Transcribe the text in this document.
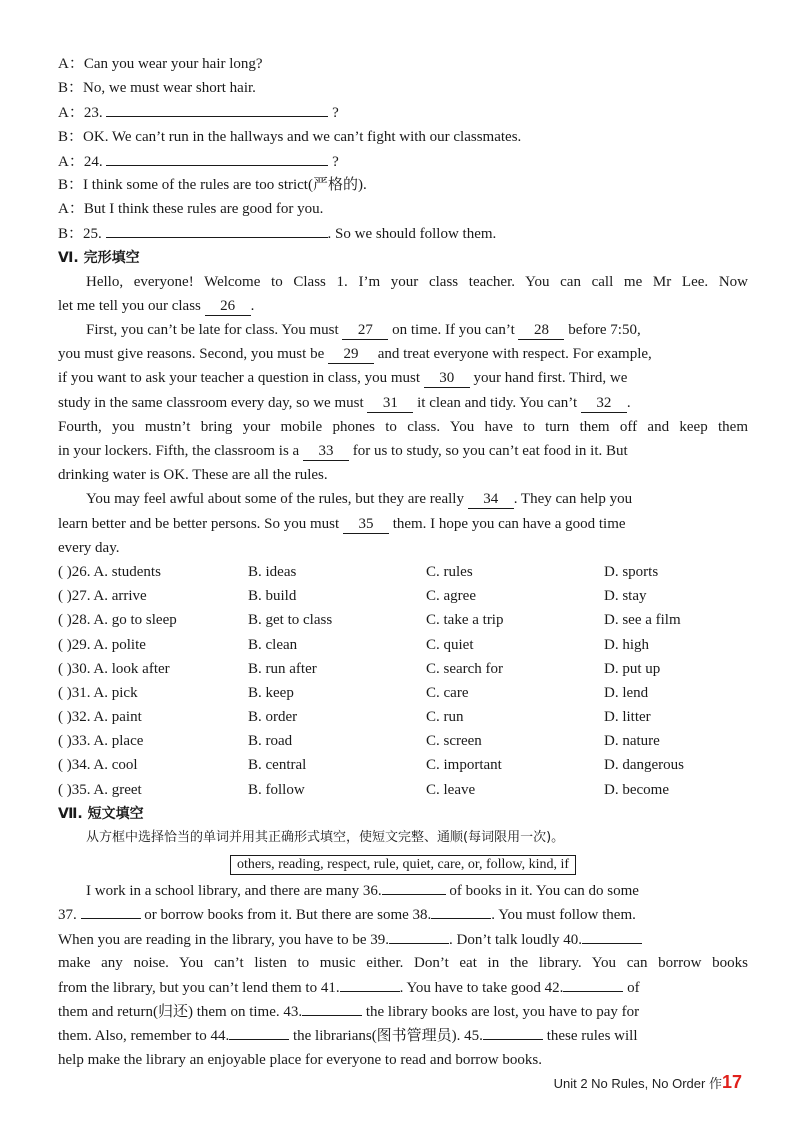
A：Can you wear your hair long?
B：No, we must wear short hair.
A：23.	?
B：OK. We can’t run in the hallways and we can’t fight with our classmates.
A：24.	?
B：I think some of the rules are too strict(严格的).
A：But I think these rules are good for you.
B：25.	. So we should follow them.
Ⅵ. 完形填空
Hello, everyone! Welcome to Class 1. I’m your class teacher. You can call me Mr Lee. Now
let me tell you our class 26 .
First, you can’t be late for class. You must 27 on time. If you can’t 28 before 7:50,
you must give reasons. Second, you must be 29 and treat everyone with respect. For example,
if you want to ask your teacher a question in class, you must 30 your hand first. Third, we
study in the same classroom every day, so we must 31 it clean and tidy. You can’t 32 .
Fourth, you mustn’t bring your mobile phones to class. You have to turn them off and keep them
in your lockers. Fifth, the classroom is a 33 for us to study, so you can’t eat food in it. But
drinking water is OK. These are all the rules.
You may feel awful about some of the rules, but they are really 34 . They can help you
learn better and be better persons. So you must 35 them. I hope you can have a good time
every day.
( )26. A. students	B. ideas	C. rules	D. sports
( )27. A. arrive	B. build	C. agree	D. stay
( )28. A. go to sleep	B. get to class	C. take a trip	D. see a film
( )29. A. polite	B. clean	C. quiet	D. high
( )30. A. look after	B. run after	C. search for	D. put up
( )31. A. pick	B. keep	C. care	D. lend
( )32. A. paint	B. order	C. run	D. litter
( )33. A. place	B. road	C. screen	D. nature
( )34. A. cool	B. central	C. important	D. dangerous
( )35. A. greet	B. follow	C. leave	D. become
Ⅶ. 短文填空
从方框中选择恰当的单词并用其正确形式填空，使短文完整、通顺(每词限用一次)。
others, reading, respect, rule, quiet, care, or, follow, kind, if
I work in a school library, and there are many 36.	of books in it. You can do some
37.	or borrow books from it. But there are some 38.	. You must follow them.
When you are reading in the library, you have to be 39.	. Don’t talk loudly 40.
make any noise. You can’t listen to music either. Don’t eat in the library. You can borrow books
from the library, but you can’t lend them to 41.	. You have to take good 42.	of
them and return(归还) them on time. 43.	the library books are lost, you have to pay for
them. Also, remember to 44.	the librarians(图书管理员). 45.	these rules will
help make the library an enjoyable place for everyone to read and borrow books.
Unit 2 No Rules, No Order 作17
